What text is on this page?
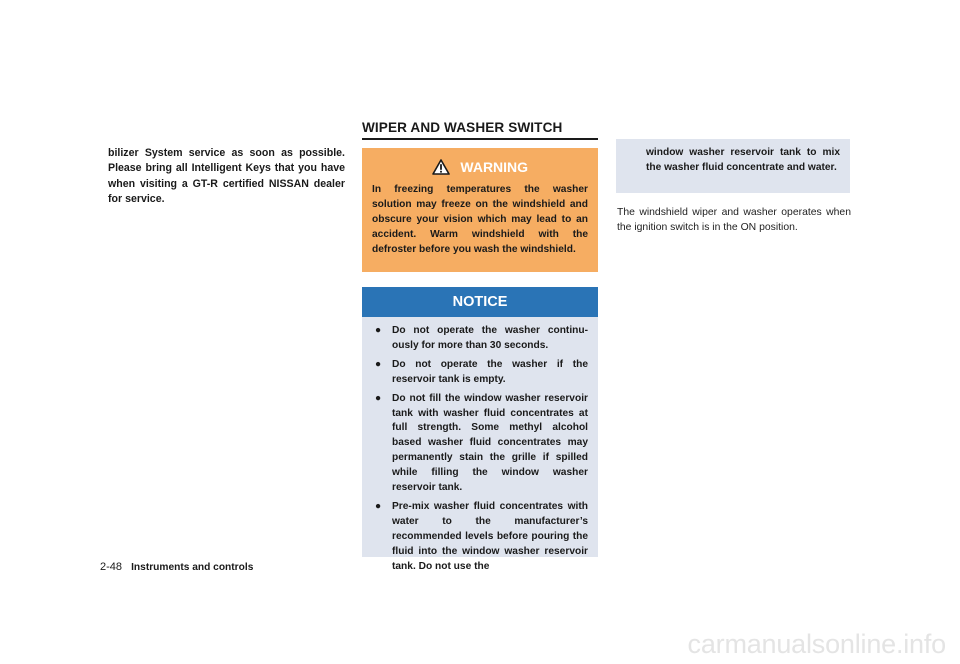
bilizer System service as soon as possible. Please bring all Intelligent Keys that you have when visiting a GT-R certified NISSAN dealer for service.

WIPER AND WASHER SWITCH
WARNING

In freezing temperatures the washer solution may freeze on the windshield and obscure your vision which may lead to an accident. Warm windshield with the defroster before you wash the windshield.

NOTICE
● Do not operate the washer continu-ously for more than 30 seconds.
● Do not operate the washer if the reservoir tank is empty.
● Do not fill the window washer reservoir tank with washer fluid concentrates at full strength. Some methyl alcohol based washer fluid concentrates may permanently stain the grille if spilled while filling the window washer reservoir tank.
● Pre-mix washer fluid concentrates with water to the manufacturer’s recommended levels before pouring the fluid into the window washer reservoir tank. Do not use the

window washer reservoir tank to mix the washer fluid concentrate and water.

The windshield wiper and washer operates when the ignition switch is in the ON position.

2-48 Instruments and controls
carmanualsonline.info
